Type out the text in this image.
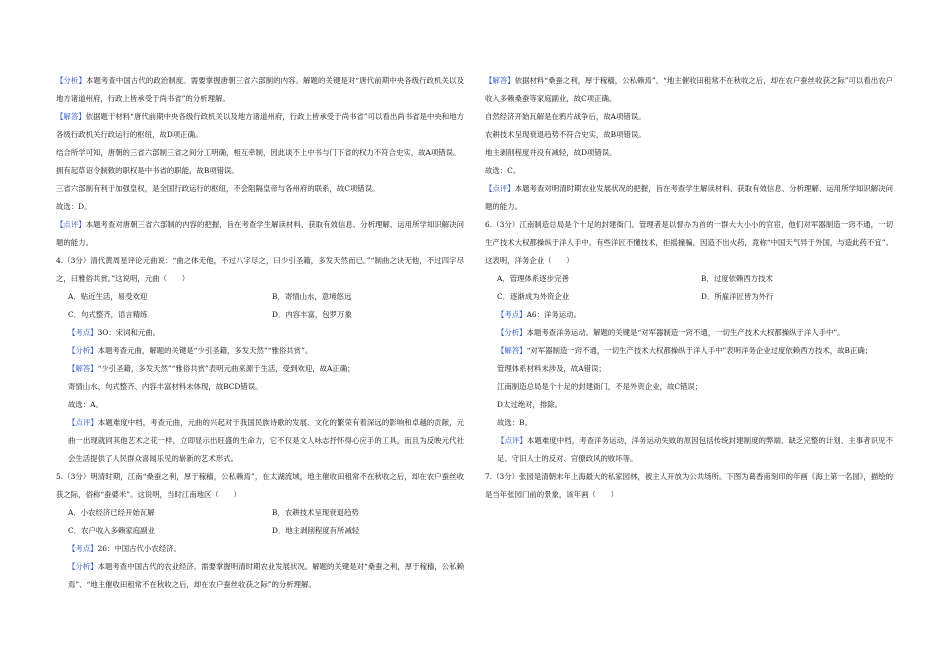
【分析】本题考查中国古代的政治制度。需要掌握唐朝三省六部制的内容。解题的关键是对“唐代前期中央各级行政机关以及地方诸道州府，行政上皆承受于尚书省”的分析理解。

【解答】依据题干材料“唐代前期中央各级行政机关以及地方诸道州府，行政上皆承受于尚书省”可以看出尚书省是中央和地方各级行政机关行政运行的枢纽，故D项正确。

结合所学可知，唐朝的三省六部制三省之间分工明确，相互牵制，因此谈不上中书与门下省的权力不符合史实，故A项错误。

拥有起草诏令制敕的职权是中书省的职能，故B项错误。

三省六部制有利于加强皇权，是全国行政运行的枢纽，不会阻隔皇帝与各州府的联系，故C项错误。

故选：D。

【点评】本题考查对唐朝三省六部制的内容的把握，旨在考查学生解读材料、获取有效信息、分析理解、运用所学知识解决问题的能力。

4.（3分）清代黄周星评论元曲说：“曲之体无他，不过八字尽之，曰少引圣籍，多发天然而已。”“制曲之诀无他，不过四字尽之，曰雅俗共赏。”这说明，元曲（　　）

A．贴近生活，易受欢迎	B．寄情山水，意境悠远
C．句式整齐，语言精练	D．内容丰富，包罗万象

【考点】3O：宋词和元曲。

【分析】本题考查元曲，解题的关键是“少引圣籍，多发天然”“雅俗共赏”。

【解答】“少引圣籍，多发天然”“雅俗共赏”表明元曲来源于生活，受到欢迎，故A正确；

寄情山水、句式整齐、内容丰富材料未体现，故BCD错误。

故选：A。

【点评】本题难度中档，考查元曲，元曲的兴起对于我国民族诗歌的发展、文化的繁荣有着深远的影响和卓越的贡献，元曲一出现就同其他艺术之花一样，立即显示出旺盛的生命力，它不仅是文人咏志抒怀得心应手的工具，而且为反映元代社会生活提供了人民群众喜闻乐见的崭新的艺术形式。

5.（3分）明清时期，江南“桑蚕之利，厚于稼穑，公私赖焉”，在太湖流域，地主催收田租常不在秋收之后，却在农户蚕丝收获之际，俗称“蚕婆米”。这说明，当时江南地区（　　）

A．小农经济已经开始瓦解	B．农耕技术呈现衰退趋势
C．农户收入多赖家庭副业	D．地主剥削程度有所减轻

【考点】26：中国古代小农经济。

【分析】本题考查中国古代的农业经济。需要掌握明清时期农业发展状况。解题的关键是对“桑蚕之利，厚于稼穑，公私赖焉”、“地主催收田租常不在秋收之后，却在农户蚕丝收获之际”的分析理解。

【解答】依据材料“桑蚕之利，厚于稼穑，公私赖焉”、“地主催收田租常不在秋收之后，却在农户蚕丝收获之际”可以看出农户收入多赖桑蚕等家庭副业，故C项正确。

自然经济开始瓦解是在鸦片战争后，故A项错误。

农耕技术呈现衰退趋势不符合史实，故B项错误。

地主剥削程度并没有减轻，故D项错误。

故选：C。

【点评】本题考查对明清时期农业发展状况的把握，旨在考查学生解读材料、获取有效信息、分析理解、运用所学知识解决问题的能力。

6.（3分）江南制造总局是个十足的封建衙门。管理者是以督办为首的一群大大小小的官宦，他们对军器制造一窍不通，一切生产技术大权都操纵于洋人手中。有些洋匠不懂技术，拒摇撞骗，因造不出火药，竟称“中国天气异于外国，与造此药不宜”。这表明，洋务企业（　　）

A．管理体系逐步完善	B．过度依赖西方技术
C．逐渐成为外资企业	D．所雇洋匠皆为外行

【考点】A6：洋务运动。

【分析】本题考查洋务运动。解题的关键是“对军器制造一窍不通，一切生产技术大权都操纵于洋人手中”。

【解答】“对军器制造一窍不通，一切生产技术大权都操纵于洋人手中”表明洋务企业过度依赖西方技术，故B正确；

管理体系材料未涉及，故A错误；

江南制造总局是个十足的封建衙门，不是外资企业，故C错误；

D太过绝对，排除。

故选：B。

【点评】本题难度中档，考查洋务运动，洋务运动失败的原因包括传统封建制度的弊端、缺乏完整的计划、主事者识见不足、守旧人士的反对、官僚政风的败坏等。

7.（3分）张园是清朝末年上海最大的私家园林，被主人开放为公共场所。下图为葛香甫刻印的年画《海上第一名园》，描绘的是当年张园门前的景象，该年画（　　）
